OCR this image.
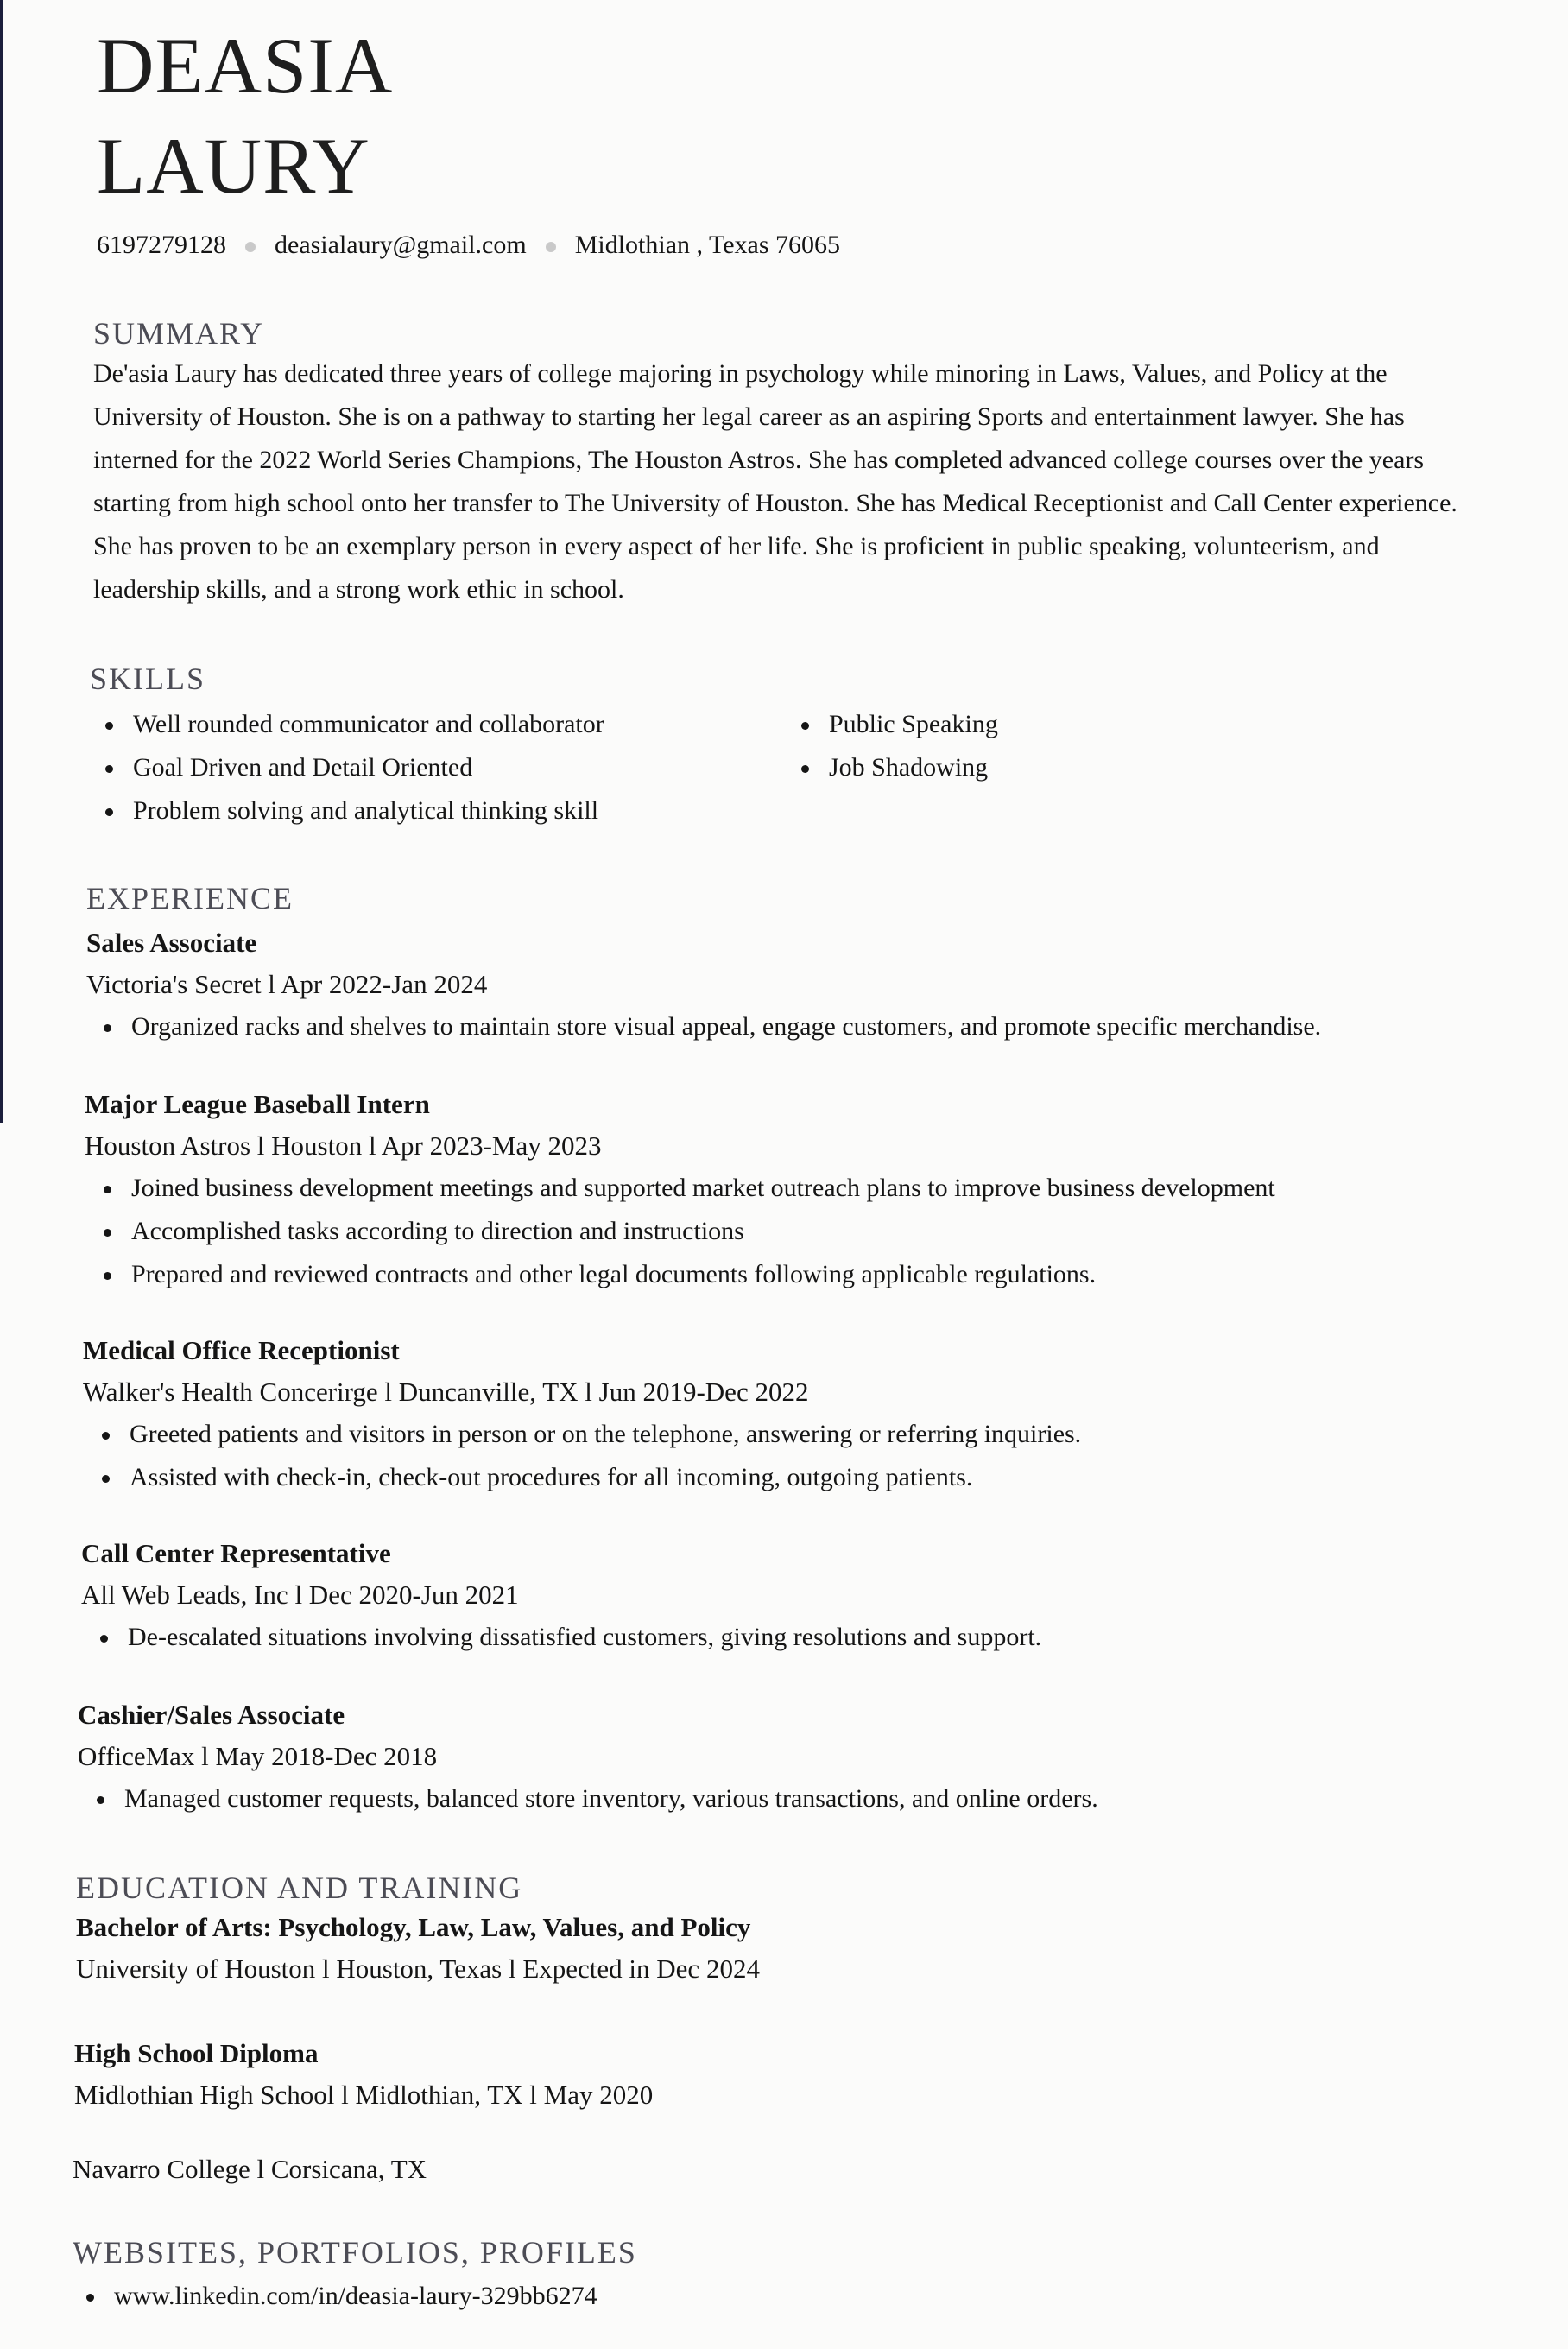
DEASIA
LAURY
6197279128 deasialaury@gmail.com Midlothian , Texas 76065
SUMMARY

De'asia Laury has dedicated three years of college majoring in psychology while minoring in Laws, Values, and Policy at the University of Houston. She is on a pathway to starting her legal career as an aspiring Sports and entertainment lawyer. She has interned for the 2022 World Series Champions, The Houston Astros. She has completed advanced college courses over the years starting from high school onto her transfer to The University of Houston. She has Medical Receptionist and Call Center experience. She has proven to be an exemplary person in every aspect of her life. She is proficient in public speaking, volunteerism, and leadership skills, and a strong work ethic in school.

SKILLS
Well rounded communicator and collaborator
Goal Driven and Detail Oriented
Problem solving and analytical thinking skill
Public Speaking
Job Shadowing
EXPERIENCE

Sales Associate

Victoria's Secret l Apr 2022-Jan 2024

Organized racks and shelves to maintain store visual appeal, engage customers, and promote specific merchandise.

Major League Baseball Intern

Houston Astros l Houston l Apr 2023-May 2023

Joined business development meetings and supported market outreach plans to improve business development
Accomplished tasks according to direction and instructions
Prepared and reviewed contracts and other legal documents following applicable regulations.

Medical Office Receptionist

Walker's Health Concerirge l Duncanville, TX l Jun 2019-Dec 2022

Greeted patients and visitors in person or on the telephone, answering or referring inquiries.
Assisted with check-in, check-out procedures for all incoming, outgoing patients.

Call Center Representative

All Web Leads, Inc l Dec 2020-Jun 2021

De-escalated situations involving dissatisfied customers, giving resolutions and support.

Cashier/Sales Associate

OfficeMax l May 2018-Dec 2018

Managed customer requests, balanced store inventory, various transactions, and online orders.
EDUCATION AND TRAINING

Bachelor of Arts: Psychology, Law, Law, Values, and Policy

University of Houston l Houston, Texas l Expected in Dec 2024

High School Diploma

Midlothian High School l Midlothian, TX l May 2020

Navarro College l Corsicana, TX

WEBSITES, PORTFOLIOS, PROFILES
www.linkedin.com/in/deasia-laury-329bb6274
